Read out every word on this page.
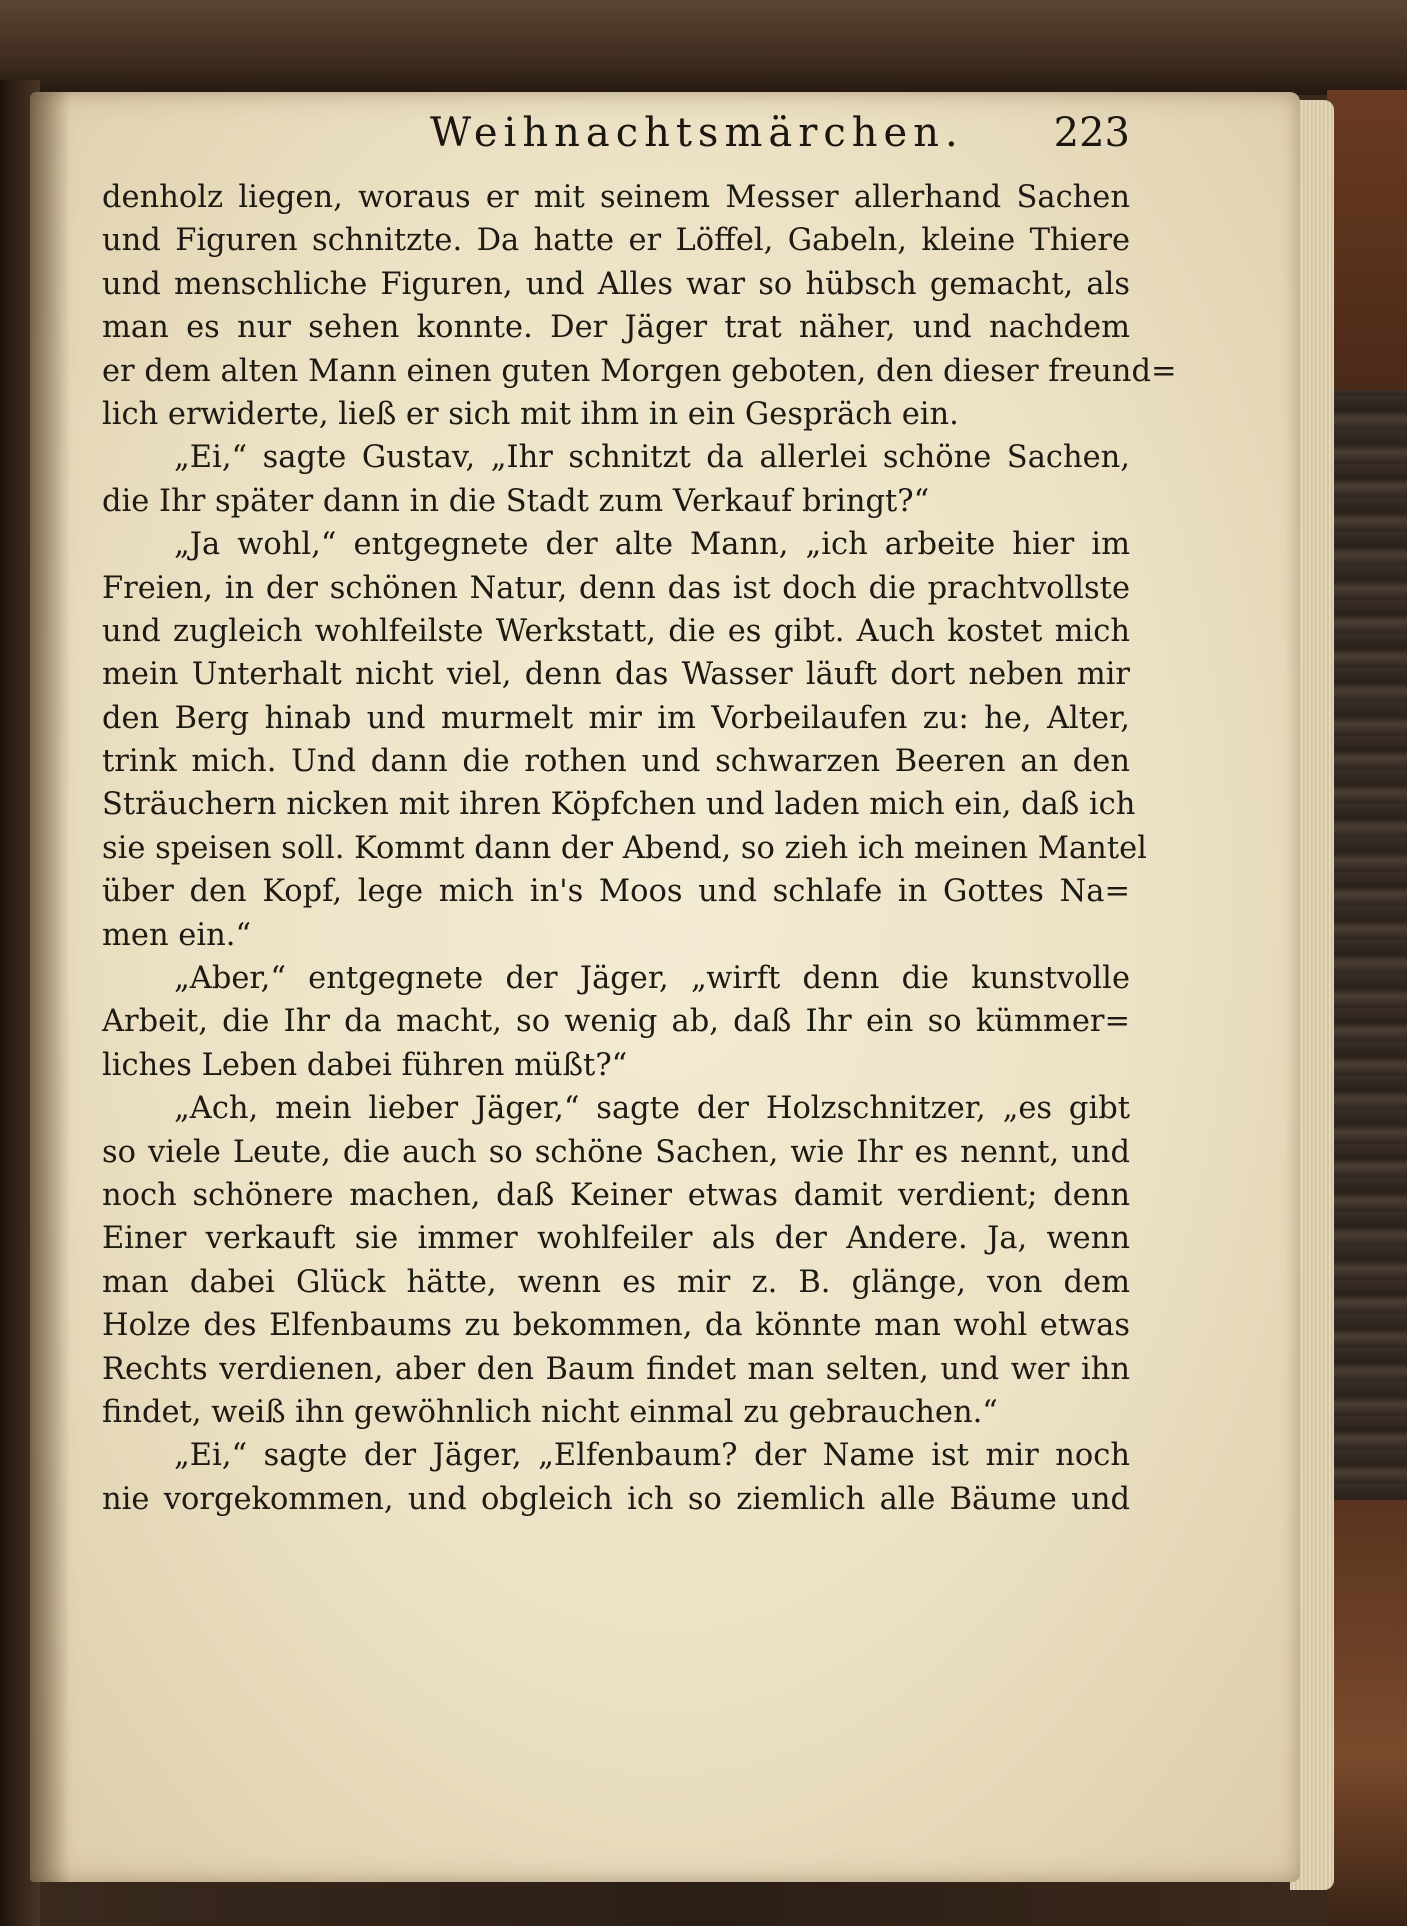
Weihnachtsmärchen. 223
denholz liegen, woraus er mit seinem Messer allerhand Sachen
und Figuren schnitzte. Da hatte er Löffel, Gabeln, kleine Thiere
und menschliche Figuren, und Alles war so hübsch gemacht, als
man es nur sehen konnte. Der Jäger trat näher, und nachdem
er dem alten Mann einen guten Morgen geboten, den dieser freund=
lich erwiderte, ließ er sich mit ihm in ein Gespräch ein.
„Ei,“ sagte Gustav, „Ihr schnitzt da allerlei schöne Sachen,
die Ihr später dann in die Stadt zum Verkauf bringt?“
„Ja wohl,“ entgegnete der alte Mann, „ich arbeite hier im
Freien, in der schönen Natur, denn das ist doch die prachtvollste
und zugleich wohlfeilste Werkstatt, die es gibt. Auch kostet mich
mein Unterhalt nicht viel, denn das Wasser läuft dort neben mir
den Berg hinab und murmelt mir im Vorbeilaufen zu: he, Alter,
trink mich. Und dann die rothen und schwarzen Beeren an den
Sträuchern nicken mit ihren Köpfchen und laden mich ein, daß ich
sie speisen soll. Kommt dann der Abend, so zieh ich meinen Mantel
über den Kopf, lege mich in's Moos und schlafe in Gottes Na=
men ein.“
„Aber,“ entgegnete der Jäger, „wirft denn die kunstvolle
Arbeit, die Ihr da macht, so wenig ab, daß Ihr ein so kümmer=
liches Leben dabei führen müßt?“
„Ach, mein lieber Jäger,“ sagte der Holzschnitzer, „es gibt
so viele Leute, die auch so schöne Sachen, wie Ihr es nennt, und
noch schönere machen, daß Keiner etwas damit verdient; denn
Einer verkauft sie immer wohlfeiler als der Andere. Ja, wenn
man dabei Glück hätte, wenn es mir z. B. glänge, von dem
Holze des Elfenbaums zu bekommen, da könnte man wohl etwas
Rechts verdienen, aber den Baum findet man selten, und wer ihn
findet, weiß ihn gewöhnlich nicht einmal zu gebrauchen.“
„Ei,“ sagte der Jäger, „Elfenbaum? der Name ist mir noch
nie vorgekommen, und obgleich ich so ziemlich alle Bäume und
